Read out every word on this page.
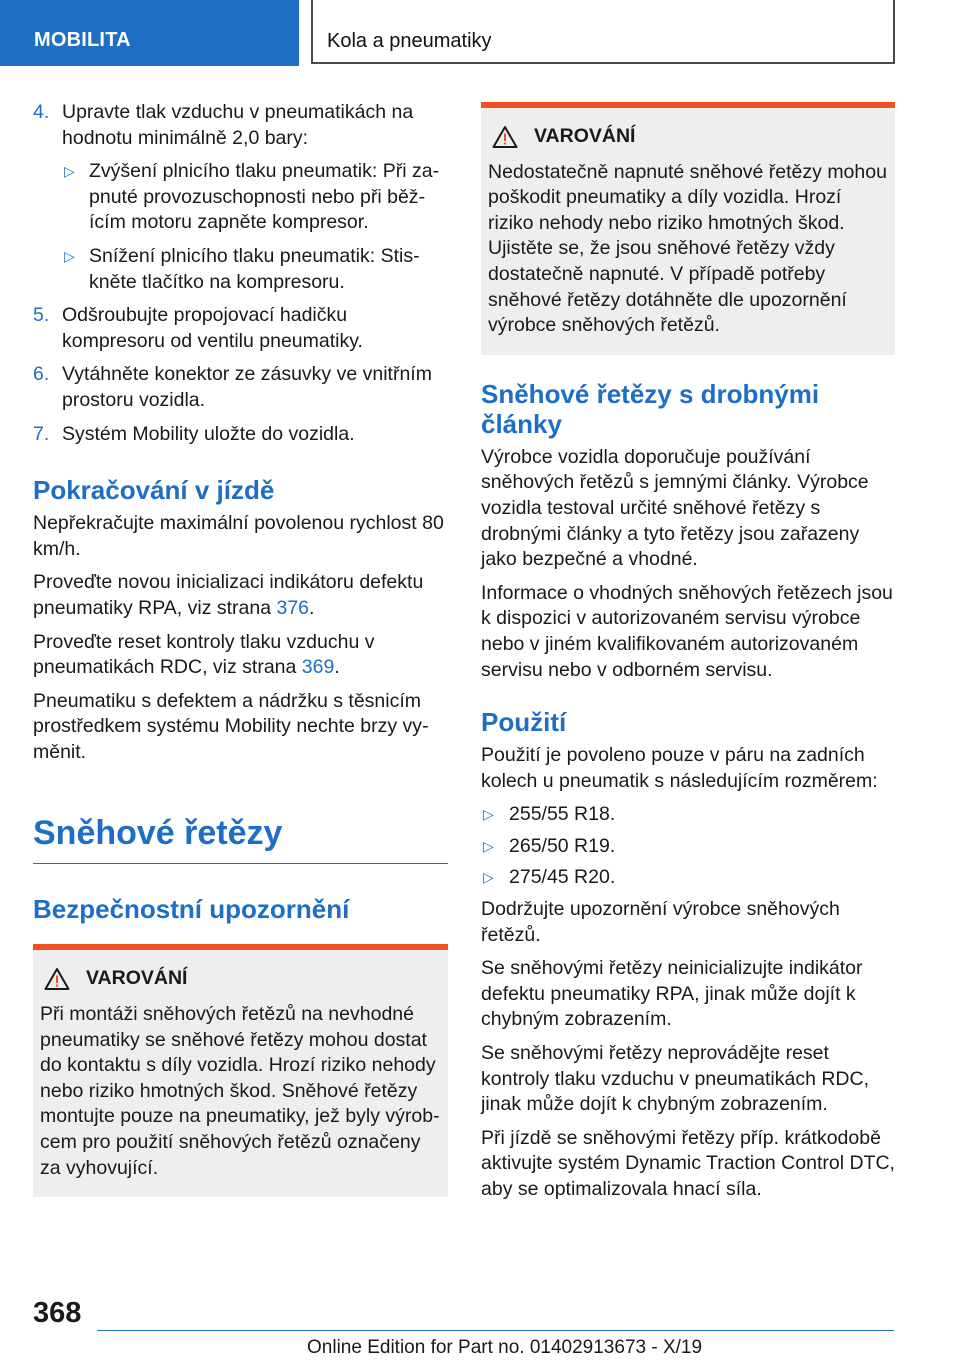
MOBILITA	Kola a pneumatiky
4. Upravte tlak vzduchu v pneumatikách na hodnotu minimálně 2,0 bary:
▷ Zvýšení plnicího tlaku pneumatik: Při zapnuté provozuschopnosti nebo při běžícím motoru zapněte kompresor.
▷ Snížení plnicího tlaku pneumatik: Stiskněte tlačítko na kompresoru.
5. Odšroubujte propojovací hadičku kompresoru od ventilu pneumatiky.
6. Vytáhněte konektor ze zásuvky ve vnitřním prostoru vozidla.
7. Systém Mobility uložte do vozidla.
Pokračování v jízdě

Nepřekračujte maximální povolenou rychlost 80 km/h.

Proveďte novou inicializaci indikátoru defektu pneumatiky RPA, viz strana 376.

Proveďte reset kontroly tlaku vzduchu v pneumatikách RDC, viz strana 369.

Pneumatiku s defektem a nádržku s těsnicím prostředkem systému Mobility nechte brzy vyměnit.

Sněhové řetězy
Bezpečnostní upozornění
VAROVÁNÍ
Při montáži sněhových řetězů na nevhodné pneumatiky se sněhové řetězy mohou dostat do kontaktu s díly vozidla. Hrozí riziko nehody nebo riziko hmotných škod. Sněhové řetězy montujte pouze na pneumatiky, jež byly výrobcem pro použití sněhových řetězů označeny za vyhovující.
VAROVÁNÍ
Nedostatečně napnuté sněhové řetězy mohou poškodit pneumatiky a díly vozidla. Hrozí riziko nehody nebo riziko hmotných škod. Ujistěte se, že jsou sněhové řetězy vždy dostatečně napnuté. V případě potřeby sněhové řetězy dotáhněte dle upozornění výrobce sněhových řetězů.
Sněhové řetězy s drobnými články

Výrobce vozidla doporučuje používání sněhových řetězů s jemnými články. Výrobce vozidla testoval určité sněhové řetězy s drobnými články a tyto řetězy jsou zařazeny jako bezpečné a vhodné.

Informace o vhodných sněhových řetězech jsou k dispozici v autorizovaném servisu výrobce nebo v jiném kvalifikovaném autorizovaném servisu nebo v odborném servisu.

Použití

Použití je povoleno pouze v páru na zadních kolech u pneumatik s následujícím rozměrem:

▷ 255/55 R18.
▷ 265/50 R19.
▷ 275/45 R20.

Dodržujte upozornění výrobce sněhových řetězů.

Se sněhovými řetězy neinicializujte indikátor defektu pneumatiky RPA, jinak může dojít k chybným zobrazením.

Se sněhovými řetězy neprovádějte reset kontroly tlaku vzduchu v pneumatikách RDC, jinak může dojít k chybným zobrazením.

Při jízdě se sněhovými řetězy příp. krátkodobě aktivujte systém Dynamic Traction Control DTC, aby se optimalizovala hnací síla.

368
Online Edition for Part no. 01402913673 - X/19
